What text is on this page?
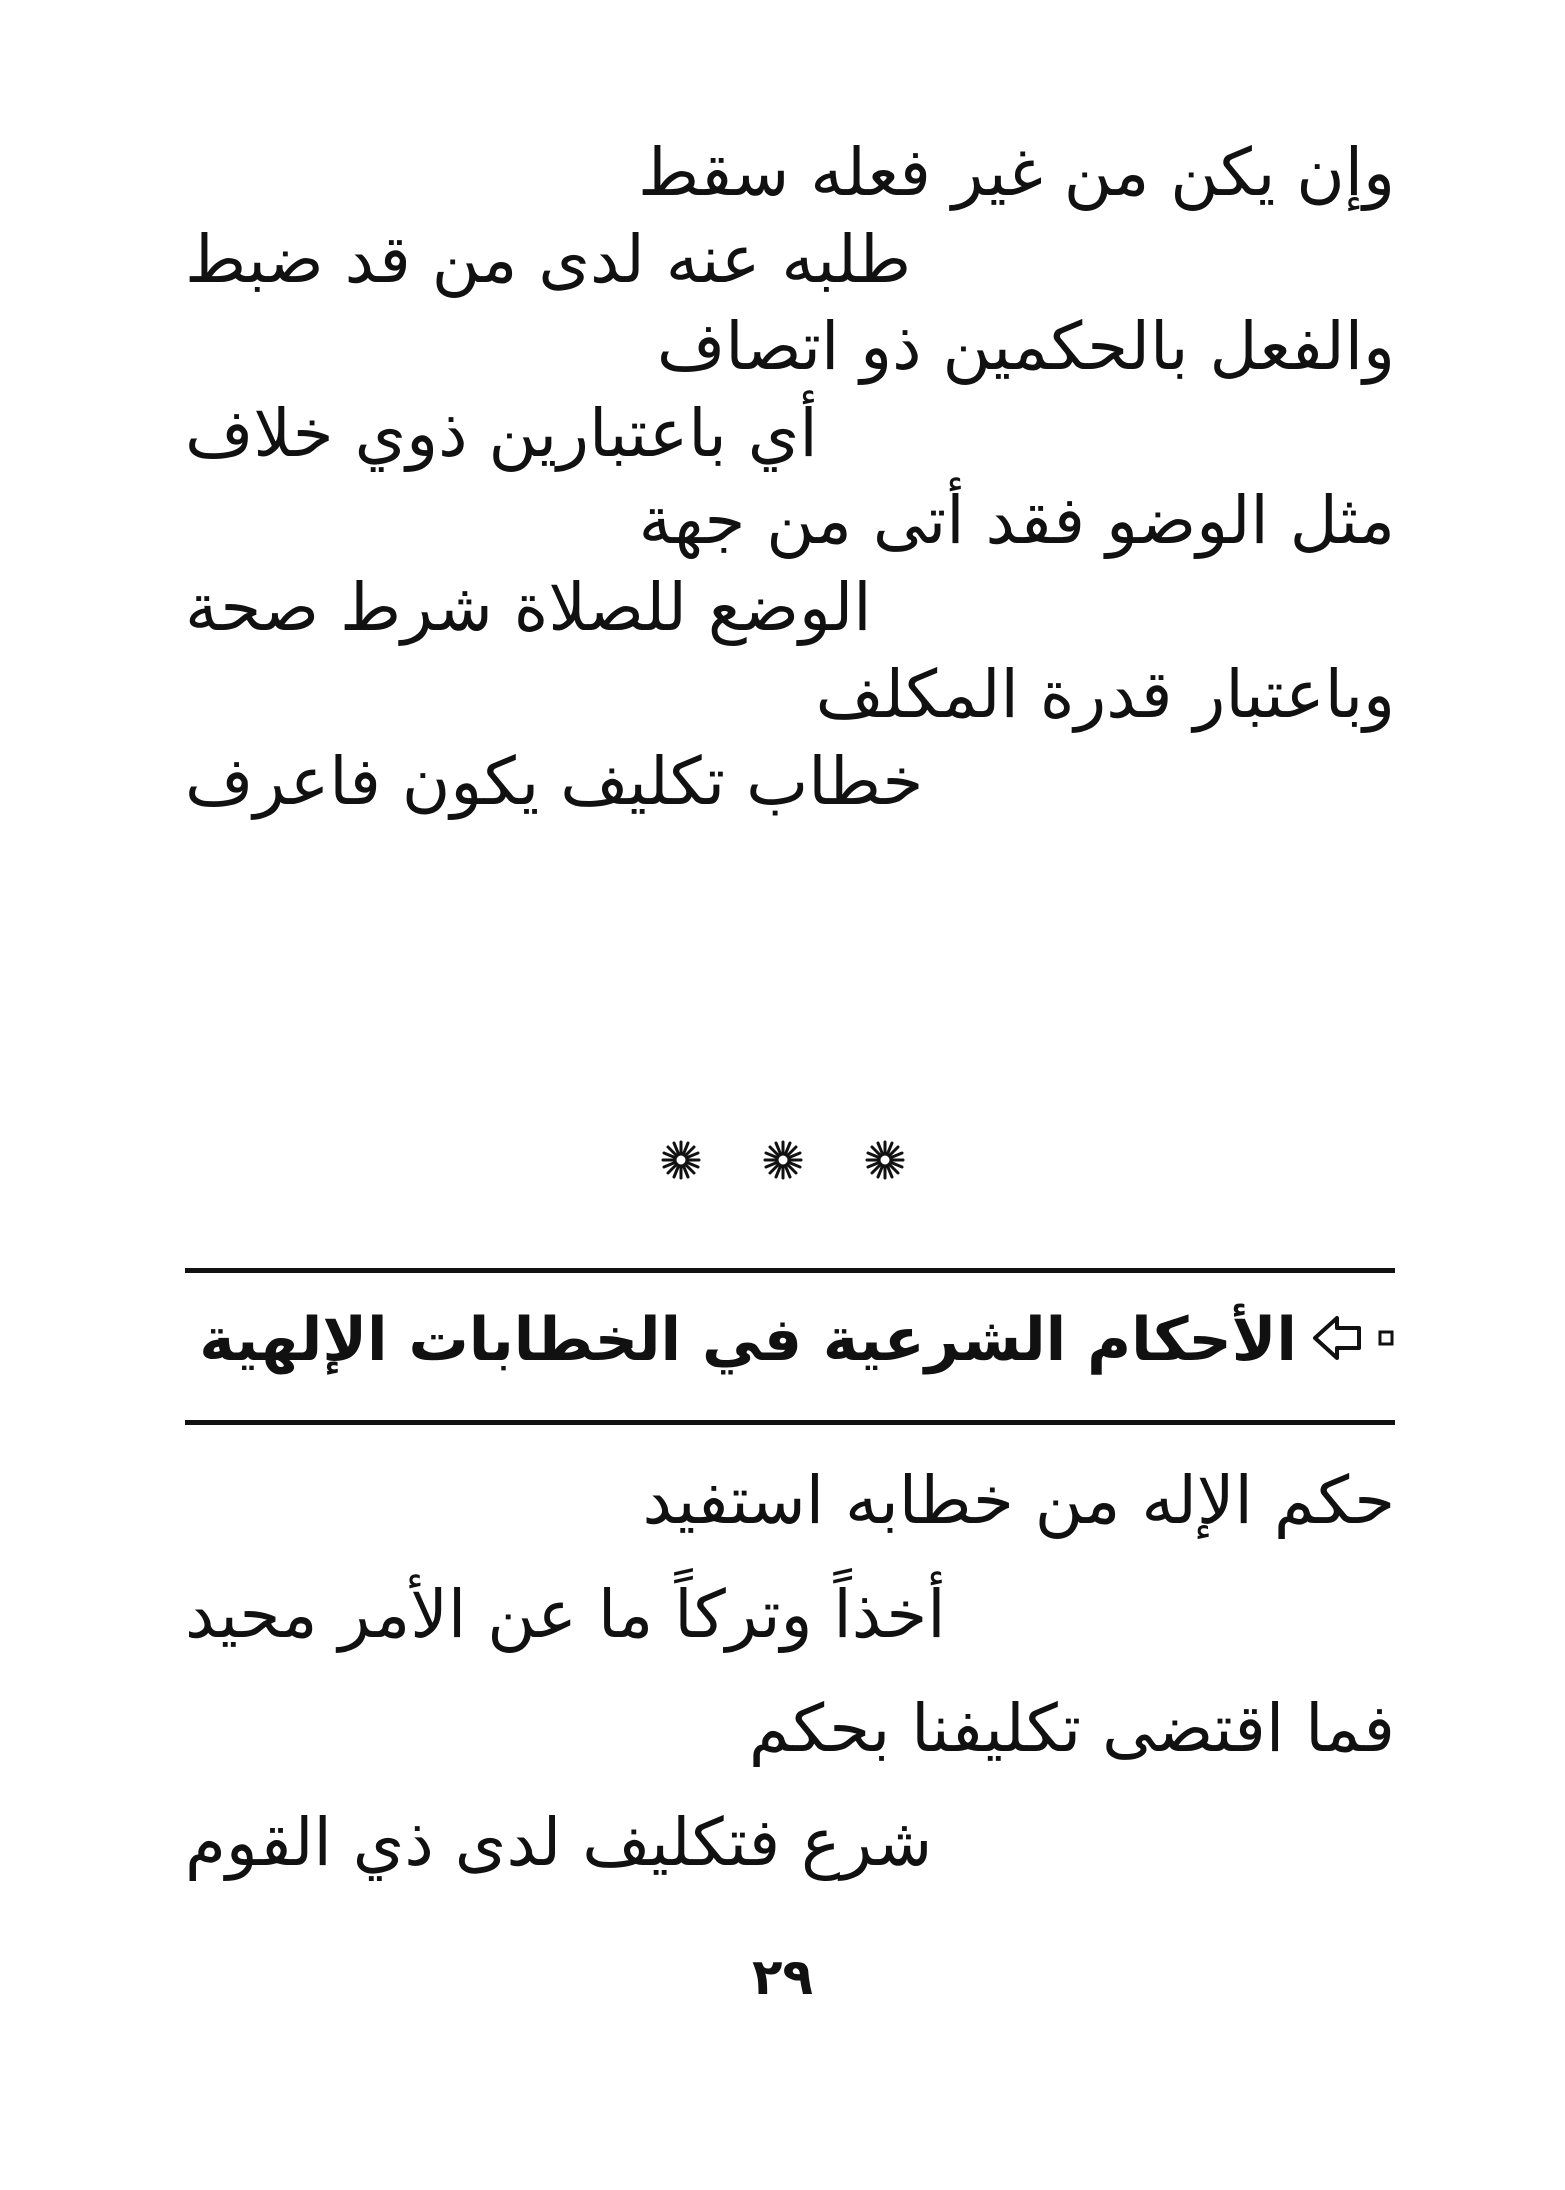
وإن يكن من غير فعله سقط
طلبه عنه لدى من قد ضبط
والفعل بالحكمين ذو اتصاف
أي باعتبارين ذوي خلاف
مثل الوضو فقد أتى من جهة
الوضع للصلاة شرط صحة
وباعتبار قدرة المكلف
خطاب تكليف يكون فاعرف
الأحكام الشرعية في الخطابات الإلهية
حكم الإله من خطابه استفيد
أخذاً وتركاً ما عن الأمر محيد
فما اقتضى تكليفنا بحكم
شرع فتكليف لدى ذي القوم
٢٩
